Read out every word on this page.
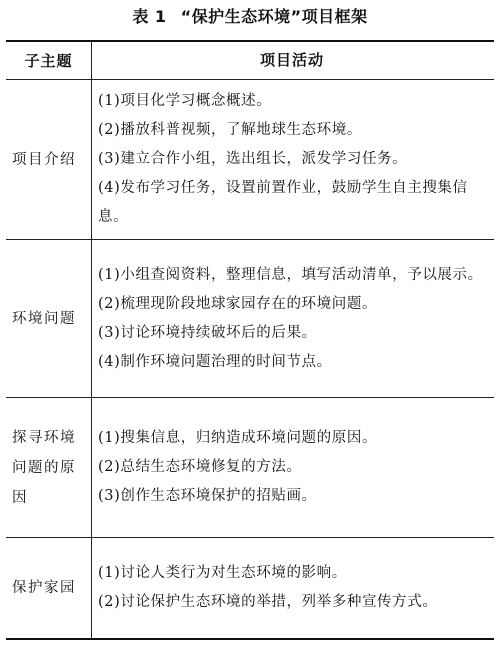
表 1 “保护生态环境”项目框架
子主题	项目活动
项目介绍
(1)项目化学习概念概述。
(2)播放科普视频，了解地球生态环境。
(3)建立合作小组，选出组长，派发学习任务。
(4)发布学习任务，设置前置作业，鼓励学生自主搜集信息。
环境问题
(1)小组查阅资料，整理信息，填写活动清单，予以展示。
(2)梳理现阶段地球家园存在的环境问题。
(3)讨论环境持续破坏后的后果。
(4)制作环境问题治理的时间节点。
探寻环境问题的原因
(1)搜集信息，归纳造成环境问题的原因。
(2)总结生态环境修复的方法。
(3)创作生态环境保护的招贴画。
保护家园
(1)讨论人类行为对生态环境的影响。
(2)讨论保护生态环境的举措，列举多种宣传方式。
